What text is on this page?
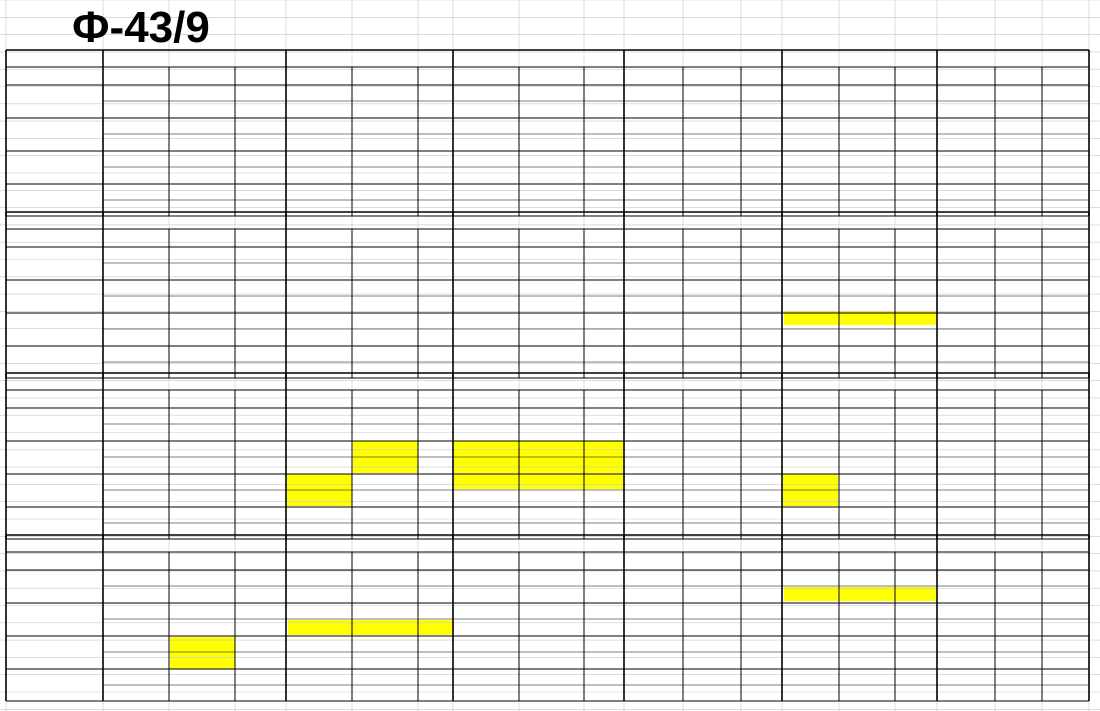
Ф-43/9
